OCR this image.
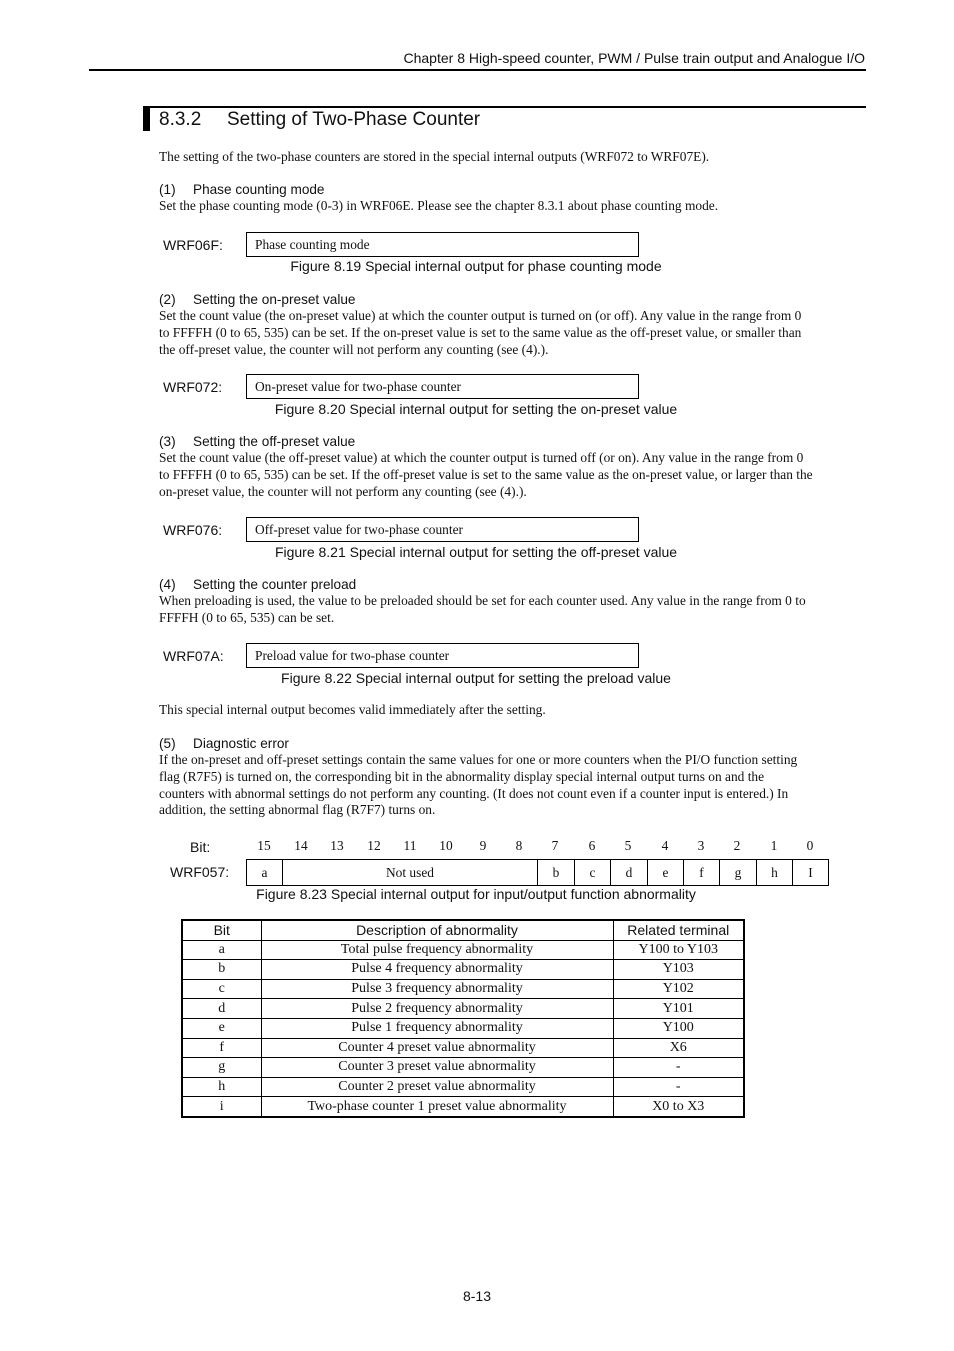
Chapter 8 High-speed counter, PWM / Pulse train output and Analogue I/O
8.3.2 Setting of Two-Phase Counter
The setting of the two-phase counters are stored in the special internal outputs (WRF072 to WRF07E).
(1) Phase counting mode
Set the phase counting mode (0-3) in WRF06E. Please see the chapter 8.3.1 about phase counting mode.
WRF06F:	Phase counting mode
Figure 8.19 Special internal output for phase counting mode
(2) Setting the on-preset value
Set the count value (the on-preset value) at which the counter output is turned on (or off). Any value in the range from 0
to FFFFH (0 to 65, 535) can be set. If the on-preset value is set to the same value as the off-preset value, or smaller than
the off-preset value, the counter will not perform any counting (see (4).).
WRF072:	On-preset value for two-phase counter
Figure 8.20 Special internal output for setting the on-preset value
(3) Setting the off-preset value
Set the count value (the off-preset value) at which the counter output is turned off (or on). Any value in the range from 0
to FFFFH (0 to 65, 535) can be set. If the off-preset value is set to the same value as the on-preset value, or larger than the
on-preset value, the counter will not perform any counting (see (4).).
WRF076:	Off-preset value for two-phase counter
Figure 8.21 Special internal output for setting the off-preset value
(4) Setting the counter preload
When preloading is used, the value to be preloaded should be set for each counter used. Any value in the range from 0 to
FFFFH (0 to 65, 535) can be set.
WRF07A:	Preload value for two-phase counter
Figure 8.22 Special internal output for setting the preload value
This special internal output becomes valid immediately after the setting.
(5) Diagnostic error
If the on-preset and off-preset settings contain the same values for one or more counters when the PI/O function setting
flag (R7F5) is turned on, the corresponding bit in the abnormality display special internal output turns on and the
counters with abnormal settings do not perform any counting. (It does not count even if a counter input is entered.) In
addition, the setting abnormal flag (R7F7) turns on.
Bit:
WRF057:
15	14	13	12	11	10	9	8	7	6	5	4	3	2	1	0
a	Not used	b	c	d	e	f	g	h	I
Figure 8.23 Special internal output for input/output function abnormality
Bit	Description of abnormality	Related terminal
a	Total pulse frequency abnormality	Y100 to Y103
b	Pulse 4 frequency abnormality	Y103
c	Pulse 3 frequency abnormality	Y102
d	Pulse 2 frequency abnormality	Y101
e	Pulse 1 frequency abnormality	Y100
f	Counter 4 preset value abnormality	X6
g	Counter 3 preset value abnormality	-
h	Counter 2 preset value abnormality	-
i	Two-phase counter 1 preset value abnormality	X0 to X3
8-13
